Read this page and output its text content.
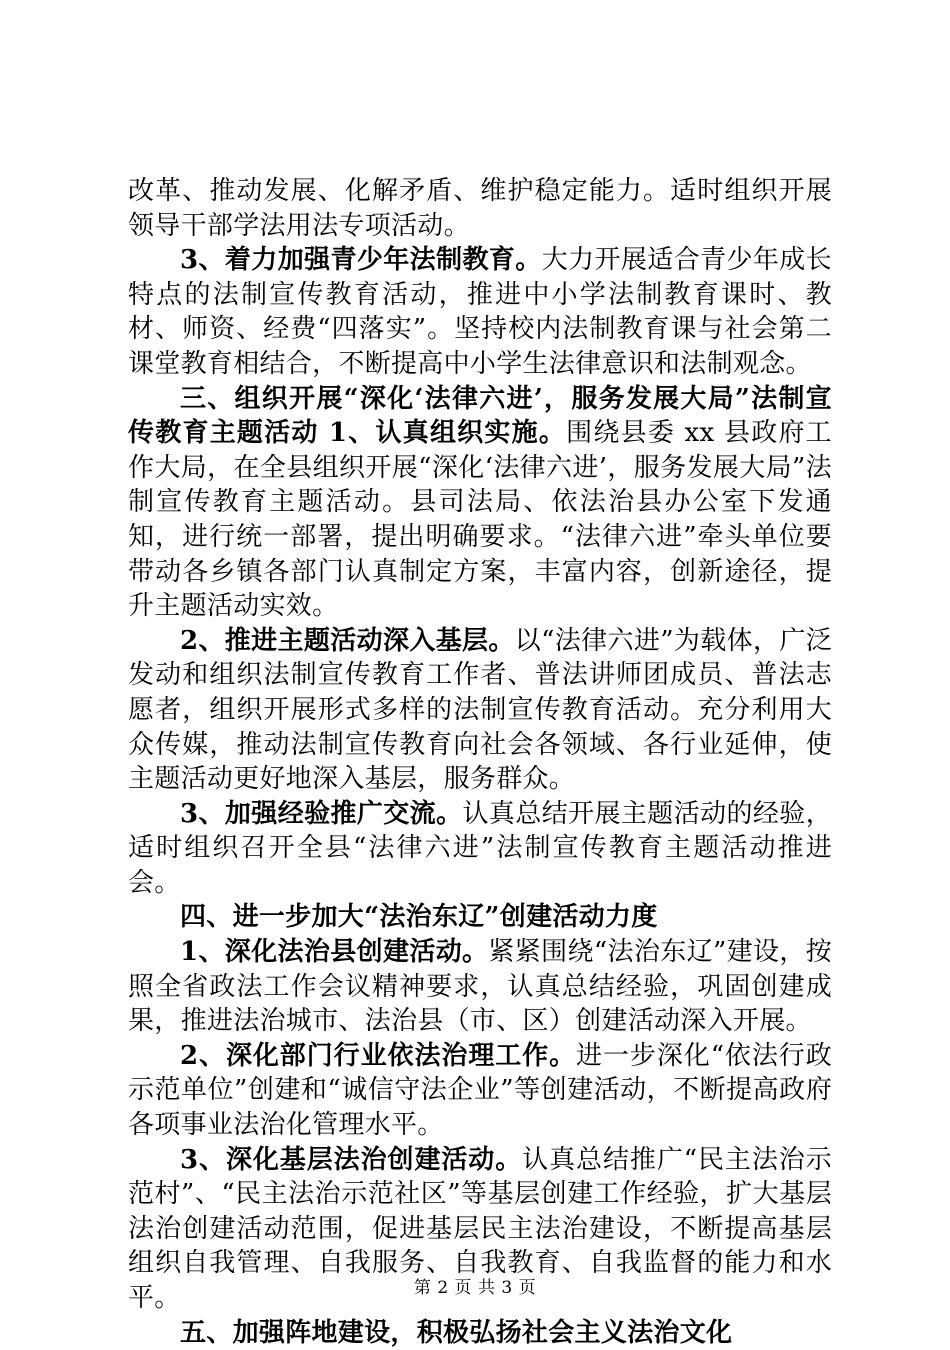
改革、推动发展、化解矛盾、维护稳定能力。适时组织开展领导干部学法用法专项活动。

3、着力加强青少年法制教育。大力开展适合青少年成长特点的法制宣传教育活动，推进中小学法制教育课时、教材、师资、经费“四落实”。坚持校内法制教育课与社会第二课堂教育相结合，不断提高中小学生法律意识和法制观念。

三、组织开展“深化‘法律六进’，服务发展大局”法制宣传教育主题活动 1、认真组织实施。围绕县委 xx 县政府工作大局，在全县组织开展“深化‘法律六进’，服务发展大局”法制宣传教育主题活动。县司法局、依法治县办公室下发通知，进行统一部署，提出明确要求。“法律六进”牵头单位要带动各乡镇各部门认真制定方案，丰富内容，创新途径，提升主题活动实效。

2、推进主题活动深入基层。以“法律六进”为载体，广泛发动和组织法制宣传教育工作者、普法讲师团成员、普法志愿者，组织开展形式多样的法制宣传教育活动。充分利用大众传媒，推动法制宣传教育向社会各领域、各行业延伸，使主题活动更好地深入基层，服务群众。

3、加强经验推广交流。认真总结开展主题活动的经验，适时组织召开全县“法律六进”法制宣传教育主题活动推进会。

四、进一步加大“法治东辽”创建活动力度

1、深化法治县创建活动。紧紧围绕“法治东辽”建设，按照全省政法工作会议精神要求，认真总结经验，巩固创建成果，推进法治城市、法治县（市、区）创建活动深入开展。

2、深化部门行业依法治理工作。进一步深化“依法行政示范单位”创建和“诚信守法企业”等创建活动，不断提高政府各项事业法治化管理水平。

3、深化基层法治创建活动。认真总结推广“民主法治示范村”、“民主法治示范社区”等基层创建工作经验，扩大基层法治创建活动范围，促进基层民主法治建设，不断提高基层组织自我管理、自我服务、自我教育、自我监督的能力和水平。

五、加强阵地建设，积极弘扬社会主义法治文化

第 2 页 共 3 页
